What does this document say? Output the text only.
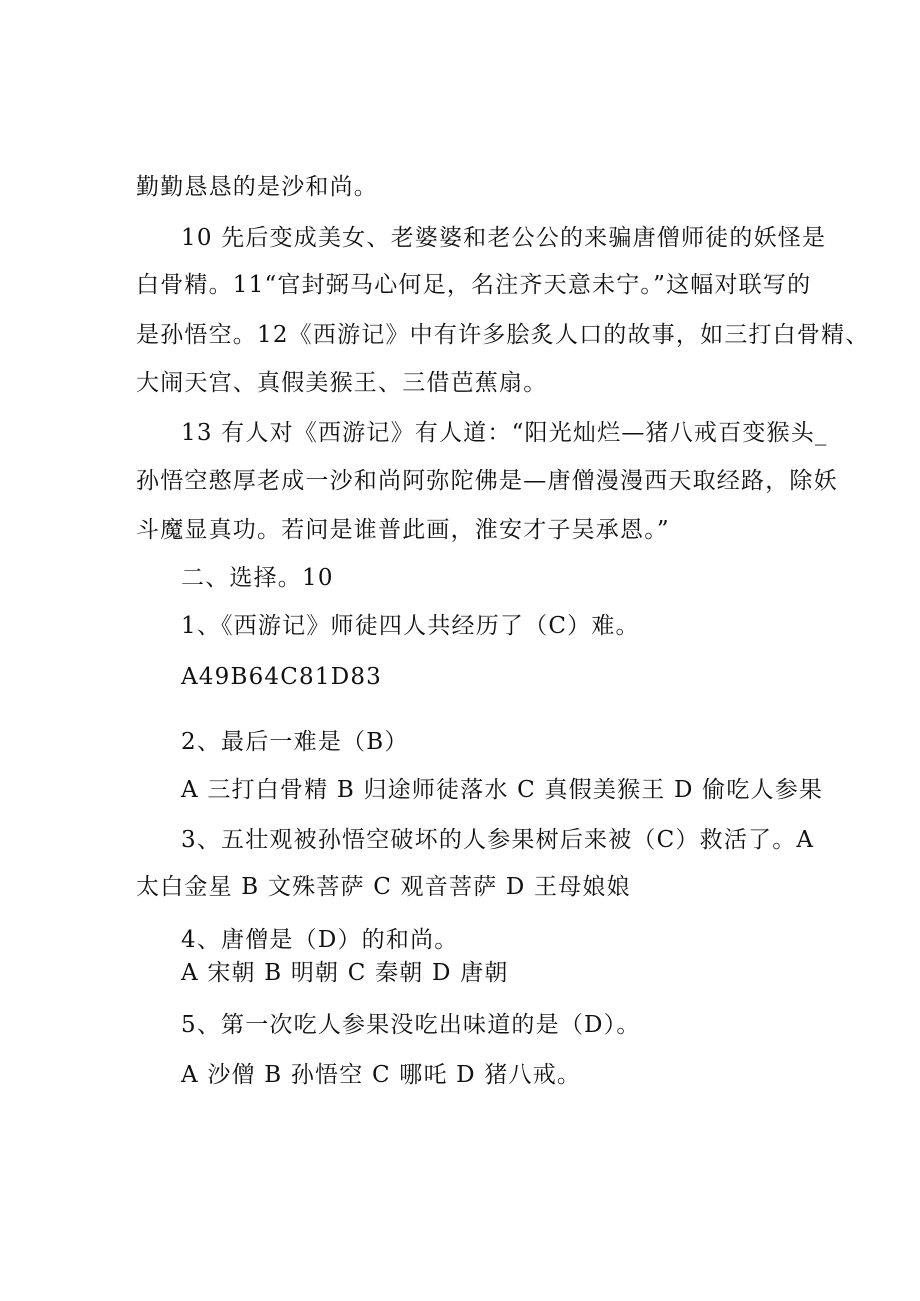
勤勤恳恳的是沙和尚。
10 先后变成美女、老婆婆和老公公的来骗唐僧师徒的妖怪是
白骨精。11“官封弼马心何足，名注齐天意未宁。”这幅对联写的
是孙悟空。12《西游记》中有许多脍炙人口的故事，如三打白骨精、
大闹天宫、真假美猴王、三借芭蕉扇。
13 有人对《西游记》有人道：“阳光灿烂—猪八戒百变猴头_
孙悟空憨厚老成一沙和尚阿弥陀佛是—唐僧漫漫西天取经路，除妖
斗魔显真功。若问是谁普此画，淮安才子吴承恩。”
二、选择。10
1、《西游记》师徒四人共经历了（C）难。
A49B64C81D83
2、最后一难是（B）
A 三打白骨精 B 归途师徒落水 C 真假美猴王 D 偷吃人参果
3、五壮观被孙悟空破坏的人参果树后来被（C）救活了。A
太白金星 B 文殊菩萨 C 观音菩萨 D 王母娘娘
4、唐僧是（D）的和尚。
A 宋朝 B 明朝 C 秦朝 D 唐朝
5、第一次吃人参果没吃出味道的是（D）。
A 沙僧 B 孙悟空 C 哪吒 D 猪八戒。
